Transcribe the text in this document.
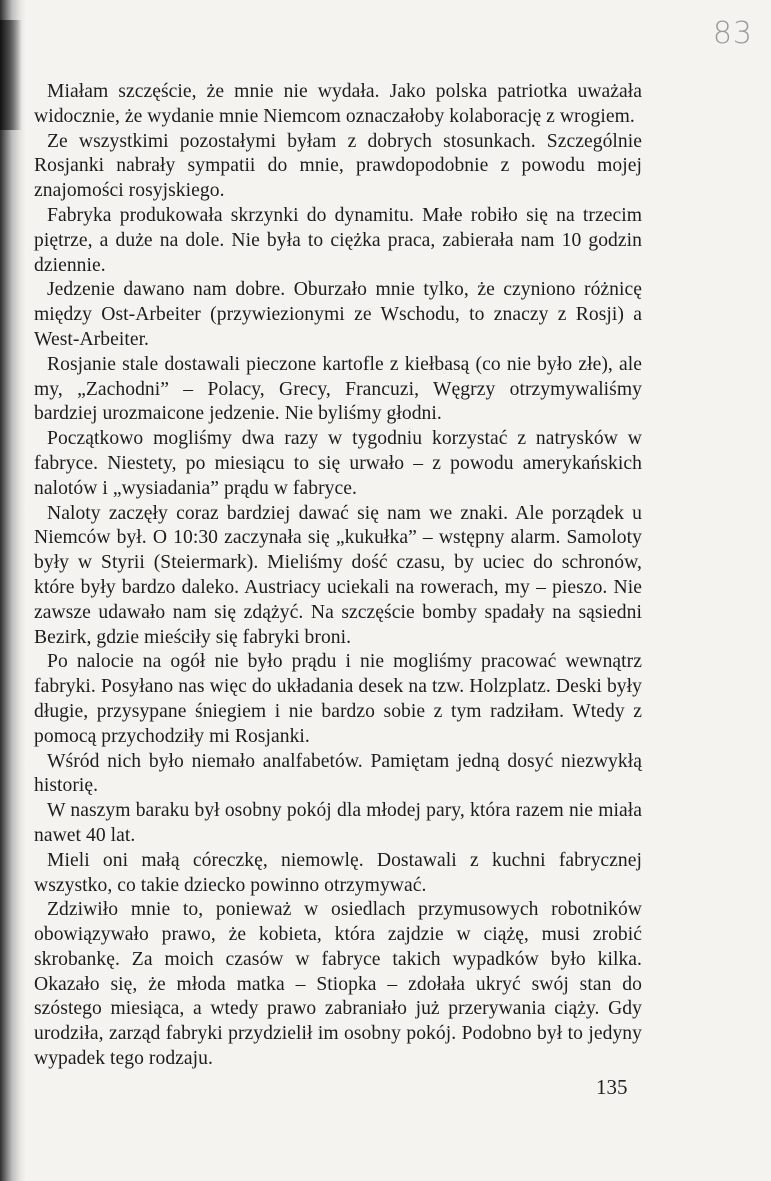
83

Miałam szczęście, że mnie nie wydała. Jako polska patriotka uważała widocznie, że wydanie mnie Niemcom oznaczałoby kolaborację z wrogiem.

Ze wszystkimi pozostałymi byłam z dobrych stosunkach. Szczególnie Rosjanki nabrały sympatii do mnie, prawdopodobnie z powodu mojej znajomości rosyjskiego.

Fabryka produkowała skrzynki do dynamitu. Małe robiło się na trzecim piętrze, a duże na dole. Nie była to ciężka praca, zabierała nam 10 godzin dziennie.

Jedzenie dawano nam dobre. Oburzało mnie tylko, że czyniono różnicę między Ost-Arbeiter (przywiezionymi ze Wschodu, to znaczy z Rosji) a West-Arbeiter.

Rosjanie stale dostawali pieczone kartofle z kiełbasą (co nie było złe), ale my, „Zachodni” – Polacy, Grecy, Francuzi, Węgrzy otrzymywaliśmy bardziej urozmaicone jedzenie. Nie byliśmy głodni.

Początkowo mogliśmy dwa razy w tygodniu korzystać z natrysków w fabryce. Niestety, po miesiącu to się urwało – z powodu amerykańskich nalotów i „wysiadania” prądu w fabryce.

Naloty zaczęły coraz bardziej dawać się nam we znaki. Ale porządek u Niemców był. O 10:30 zaczynała się „kukułka” – wstępny alarm. Samoloty były w Styrii (Steiermark). Mieliśmy dość czasu, by uciec do schronów, które były bardzo daleko. Austriacy uciekali na rowerach, my – pieszo. Nie zawsze udawało nam się zdążyć. Na szczęście bomby spadały na sąsiedni Bezirk, gdzie mieściły się fabryki broni.

Po nalocie na ogół nie było prądu i nie mogliśmy pracować wewnątrz fabryki. Posyłano nas więc do układania desek na tzw. Holzplatz. Deski były długie, przysypane śniegiem i nie bardzo sobie z tym radziłam. Wtedy z pomocą przychodziły mi Rosjanki.

Wśród nich było niemało analfabetów. Pamiętam jedną dosyć niezwykłą historię.

W naszym baraku był osobny pokój dla młodej pary, która razem nie miała nawet 40 lat.

Mieli oni małą córeczkę, niemowlę. Dostawali z kuchni fabrycznej wszystko, co takie dziecko powinno otrzymywać.

Zdziwiło mnie to, ponieważ w osiedlach przymusowych robotników obowiązywało prawo, że kobieta, która zajdzie w ciążę, musi zrobić skrobankę. Za moich czasów w fabryce takich wypadków było kilka. Okazało się, że młoda matka – Stiopka – zdołała ukryć swój stan do szóstego miesiąca, a wtedy prawo zabraniało już przerywania ciąży. Gdy urodziła, zarząd fabryki przydzielił im osobny pokój. Podobno był to jedyny wypadek tego rodzaju.

135
